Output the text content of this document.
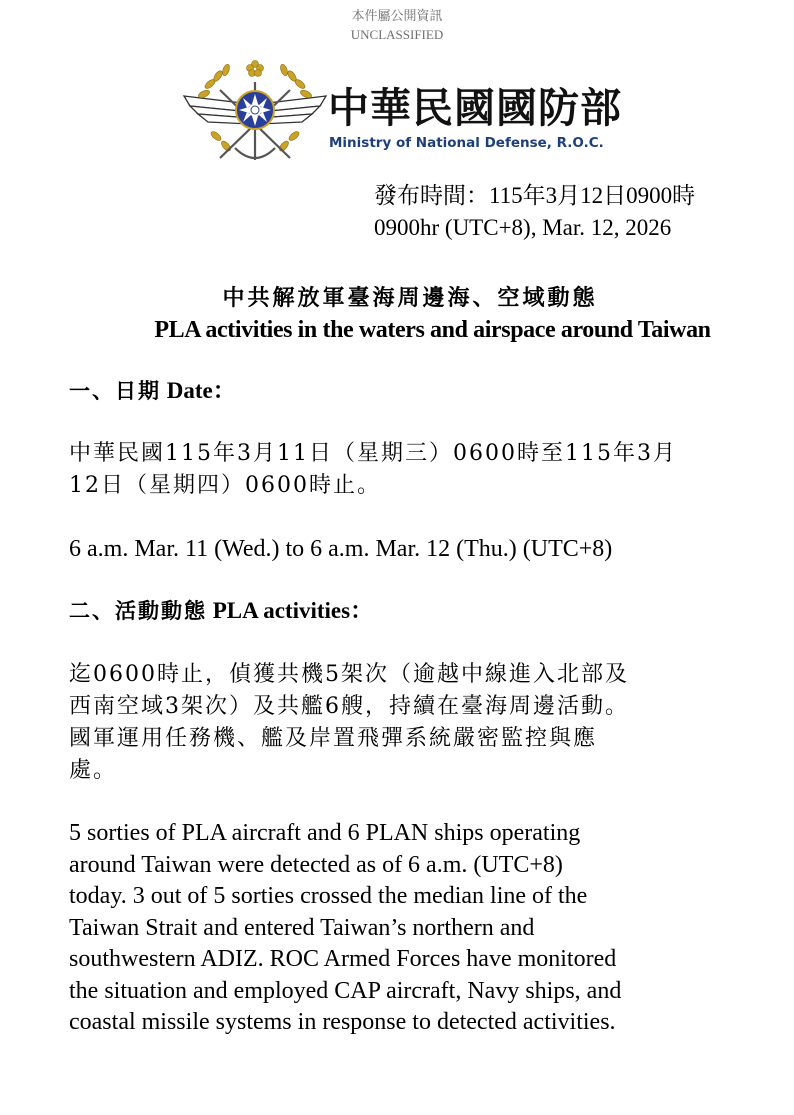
本件屬公開資訊
UNCLASSIFIED
中華民國國防部
Ministry of National Defense, R.O.C.
發布時間：115年3月12日0900時
0900hr (UTC+8), Mar. 12, 2026
中共解放軍臺海周邊海、空域動態
PLA activities in the waters and airspace around Taiwan
一、日期 Date：
中華民國115年3月11日（星期三）0600時至115年3月
12日（星期四）0600時止。
6 a.m. Mar. 11 (Wed.) to 6 a.m. Mar. 12 (Thu.) (UTC+8)
二、活動動態 PLA activities：
迄0600時止，偵獲共機5架次（逾越中線進入北部及
西南空域3架次）及共艦6艘，持續在臺海周邊活動。
國軍運用任務機、艦及岸置飛彈系統嚴密監控與應
處。
5 sorties of PLA aircraft and 6 PLAN ships operating
around Taiwan were detected as of 6 a.m. (UTC+8)
today. 3 out of 5 sorties crossed the median line of the
Taiwan Strait and entered Taiwan’s northern and
southwestern ADIZ. ROC Armed Forces have monitored
the situation and employed CAP aircraft, Navy ships, and
coastal missile systems in response to detected activities.
